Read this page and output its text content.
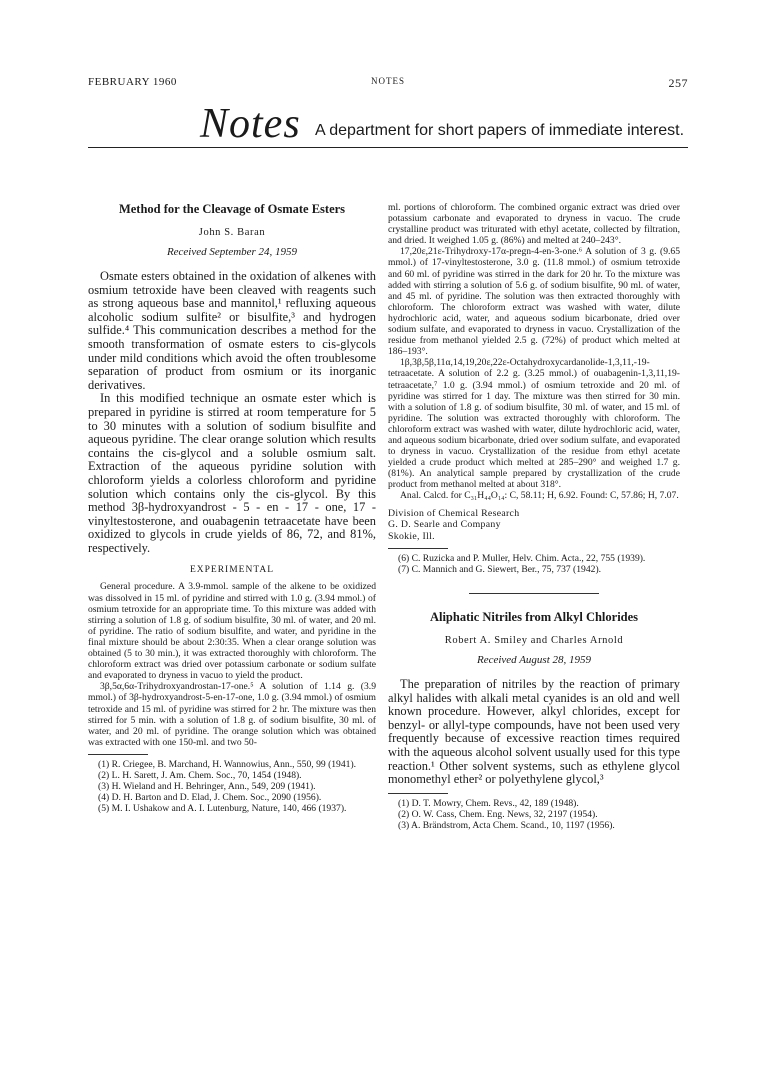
FEBRUARY 1960	NOTES	257
Notes A department for short papers of immediate interest.

Method for the Cleavage of Osmate Esters

John S. Baran

Received September 24, 1959

Osmate esters obtained in the oxidation of alkenes with osmium tetroxide have been cleaved with reagents such as strong aqueous base and mannitol,¹ refluxing aqueous alcoholic sodium sulfite² or bisulfite,³ and hydrogen sulfide.⁴ This communication describes a method for the smooth transformation of osmate esters to cis-glycols under mild conditions which avoid the often troublesome separation of product from osmium or its inorganic derivatives.

In this modified technique an osmate ester which is prepared in pyridine is stirred at room temperature for 5 to 30 minutes with a solution of sodium bisulfite and aqueous pyridine. The clear orange solution which results contains the cis-glycol and a soluble osmium salt. Extraction of the aqueous pyridine solution with chloroform yields a colorless chloroform and pyridine solution which contains only the cis-glycol. By this method 3β-hydroxyandrost - 5 - en - 17 - one, 17 - vinyltestosterone, and ouabagenin tetraacetate have been oxidized to glycols in crude yields of 86, 72, and 81%, respectively.

EXPERIMENTAL

General procedure. A 3.9-mmol. sample of the alkene to be oxidized was dissolved in 15 ml. of pyridine and stirred with 1.0 g. (3.94 mmol.) of osmium tetroxide for an appropriate time. To this mixture was added with stirring a solution of 1.8 g. of sodium bisulfite, 30 ml. of water, and 20 ml. of pyridine. The ratio of sodium bisulfite, and water, and pyridine in the final mixture should be about 2:30:35. When a clear orange solution was obtained (5 to 30 min.), it was extracted thoroughly with chloroform. The chloroform extract was dried over potassium carbonate or sodium sulfate and evaporated to dryness in vacuo to yield the product.

3β,5α,6α-Trihydroxyandrostan-17-one.⁵ A solution of 1.14 g. (3.9 mmol.) of 3β-hydroxyandrost-5-en-17-one, 1.0 g. (3.94 mmol.) of osmium tetroxide and 15 ml. of pyridine was stirred for 2 hr. The mixture was then stirred for 5 min. with a solution of 1.8 g. of sodium bisulfite, 30 ml. of water, and 20 ml. of pyridine. The orange solution which was obtained was extracted with one 150-ml. and two 50-

(1) R. Criegee, B. Marchand, H. Wannowius, Ann., 550, 99 (1941).

(2) L. H. Sarett, J. Am. Chem. Soc., 70, 1454 (1948).

(3) H. Wieland and H. Behringer, Ann., 549, 209 (1941).

(4) D. H. Barton and D. Elad, J. Chem. Soc., 2090 (1956).

(5) M. I. Ushakow and A. I. Lutenburg, Nature, 140, 466 (1937).

ml. portions of chloroform. The combined organic extract was dried over potassium carbonate and evaporated to dryness in vacuo. The crude crystalline product was triturated with ethyl acetate, collected by filtration, and dried. It weighed 1.05 g. (86%) and melted at 240–243°.

17,20ε,21ε-Trihydroxy-17α-pregn-4-en-3-one.⁶ A solution of 3 g. (9.65 mmol.) of 17-vinyltestosterone, 3.0 g. (11.8 mmol.) of osmium tetroxide and 60 ml. of pyridine was stirred in the dark for 20 hr. To the mixture was added with stirring a solution of 5.6 g. of sodium bisulfite, 90 ml. of water, and 45 ml. of pyridine. The solution was then extracted thoroughly with chloroform. The chloroform extract was washed with water, dilute hydrochloric acid, water, and aqueous sodium bicarbonate, dried over sodium sulfate, and evaporated to dryness in vacuo. Crystallization of the residue from methanol yielded 2.5 g. (72%) of product which melted at 186–193°.

1β,3β,5β,11α,14,19,20ε,22ε-Octahydroxycardanolide-1,3,11,-19-tetraacetate. A solution of 2.2 g. (3.25 mmol.) of ouabagenin-1,3,11,19-tetraacetate,⁷ 1.0 g. (3.94 mmol.) of osmium tetroxide and 20 ml. of pyridine was stirred for 1 day. The mixture was then stirred for 30 min. with a solution of 1.8 g. of sodium bisulfite, 30 ml. of water, and 15 ml. of pyridine. The solution was extracted thoroughly with chloroform. The chloroform extract was washed with water, dilute hydrochloric acid, water, and aqueous sodium bicarbonate, dried over sodium sulfate, and evaporated to dryness in vacuo. Crystallization of the residue from ethyl acetate yielded a crude product which melted at 285–290° and weighed 1.7 g. (81%). An analytical sample prepared by crystallization of the crude product from methanol melted at about 318°.

Anal. Calcd. for C₃₁H₄₄O₁₄: C, 58.11; H, 6.92. Found: C, 57.86; H, 7.07.

Division of Chemical Research

G. D. Searle and Company

Skokie, Ill.

(6) C. Ruzicka and P. Muller, Helv. Chim. Acta., 22, 755 (1939).

(7) C. Mannich and G. Siewert, Ber., 75, 737 (1942).

Aliphatic Nitriles from Alkyl Chlorides

Robert A. Smiley and Charles Arnold

Received August 28, 1959

The preparation of nitriles by the reaction of primary alkyl halides with alkali metal cyanides is an old and well known procedure. However, alkyl chlorides, except for benzyl- or allyl-type compounds, have not been used very frequently because of excessive reaction times required with the aqueous alcohol solvent usually used for this type reaction.¹ Other solvent systems, such as ethylene glycol monomethyl ether² or polyethylene glycol,³

(1) D. T. Mowry, Chem. Revs., 42, 189 (1948).

(2) O. W. Cass, Chem. Eng. News, 32, 2197 (1954).

(3) A. Brändstrom, Acta Chem. Scand., 10, 1197 (1956).
